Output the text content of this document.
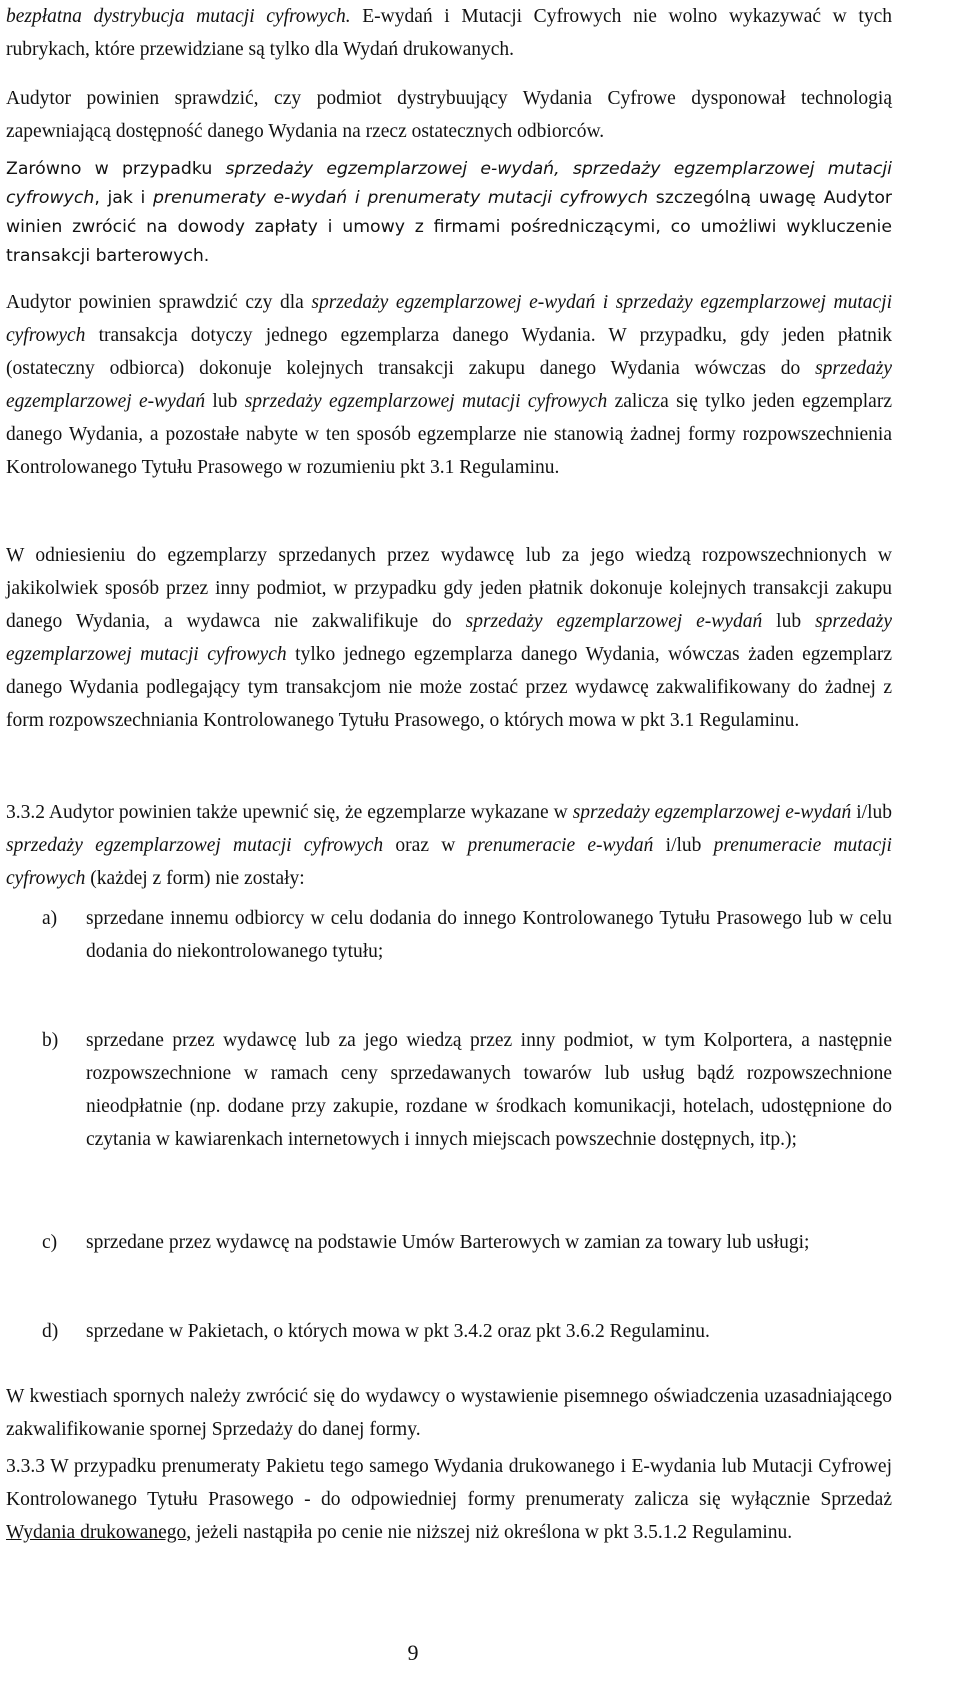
bezpłatna dystrybucja mutacji cyfrowych. E-wydań i Mutacji Cyfrowych nie wolno wykazywać w tych rubrykach, które przewidziane są tylko dla Wydań drukowanych.

Audytor powinien sprawdzić, czy podmiot dystrybuujący Wydania Cyfrowe dysponował technologią zapewniającą dostępność danego Wydania na rzecz ostatecznych odbiorców.

Zarówno w przypadku sprzedaży egzemplarzowej e-wydań, sprzedaży egzemplarzowej mutacji cyfrowych, jak i prenumeraty e-wydań i prenumeraty mutacji cyfrowych szczególną uwagę Audytor winien zwrócić na dowody zapłaty i umowy z firmami pośredniczącymi, co umożliwi wykluczenie transakcji barterowych.

Audytor powinien sprawdzić czy dla sprzedaży egzemplarzowej e-wydań i sprzedaży egzemplarzowej mutacji cyfrowych transakcja dotyczy jednego egzemplarza danego Wydania. W przypadku, gdy jeden płatnik (ostateczny odbiorca) dokonuje kolejnych transakcji zakupu danego Wydania wówczas do sprzedaży egzemplarzowej e-wydań lub sprzedaży egzemplarzowej mutacji cyfrowych zalicza się tylko jeden egzemplarz danego Wydania, a pozostałe nabyte w ten sposób egzemplarze nie stanowią żadnej formy rozpowszechnienia Kontrolowanego Tytułu Prasowego w rozumieniu pkt 3.1 Regulaminu.

W odniesieniu do egzemplarzy sprzedanych przez wydawcę lub za jego wiedzą rozpowszechnionych w jakikolwiek sposób przez inny podmiot, w przypadku gdy jeden płatnik dokonuje kolejnych transakcji zakupu danego Wydania, a wydawca nie zakwalifikuje do sprzedaży egzemplarzowej e-wydań lub sprzedaży egzemplarzowej mutacji cyfrowych tylko jednego egzemplarza danego Wydania, wówczas żaden egzemplarz danego Wydania podlegający tym transakcjom nie może zostać przez wydawcę zakwalifikowany do żadnej z form rozpowszechniania Kontrolowanego Tytułu Prasowego, o których mowa w pkt 3.1 Regulaminu.

3.3.2 Audytor powinien także upewnić się, że egzemplarze wykazane w sprzedaży egzemplarzowej e-wydań i/lub sprzedaży egzemplarzowej mutacji cyfrowych oraz w prenumeracie e-wydań i/lub prenumeracie mutacji cyfrowych (każdej z form) nie zostały:

a) sprzedane innemu odbiorcy w celu dodania do innego Kontrolowanego Tytułu Prasowego lub w celu dodania do niekontrolowanego tytułu;

b) sprzedane przez wydawcę lub za jego wiedzą przez inny podmiot, w tym Kolportera, a następnie rozpowszechnione w ramach ceny sprzedawanych towarów lub usług bądź rozpowszechnione nieodpłatnie (np. dodane przy zakupie, rozdane w środkach komunikacji, hotelach, udostępnione do czytania w kawiarenkach internetowych i innych miejscach powszechnie dostępnych, itp.);

c) sprzedane przez wydawcę na podstawie Umów Barterowych w zamian za towary lub usługi;

d) sprzedane w Pakietach, o których mowa w pkt 3.4.2 oraz pkt 3.6.2 Regulaminu.

W kwestiach spornych należy zwrócić się do wydawcy o wystawienie pisemnego oświadczenia uzasadniającego zakwalifikowanie spornej Sprzedaży do danej formy.

3.3.3 W przypadku prenumeraty Pakietu tego samego Wydania drukowanego i E-wydania lub Mutacji Cyfrowej Kontrolowanego Tytułu Prasowego - do odpowiedniej formy prenumeraty zalicza się wyłącznie Sprzedaż Wydania drukowanego, jeżeli nastąpiła po cenie nie niższej niż określona w pkt 3.5.1.2 Regulaminu.

9
